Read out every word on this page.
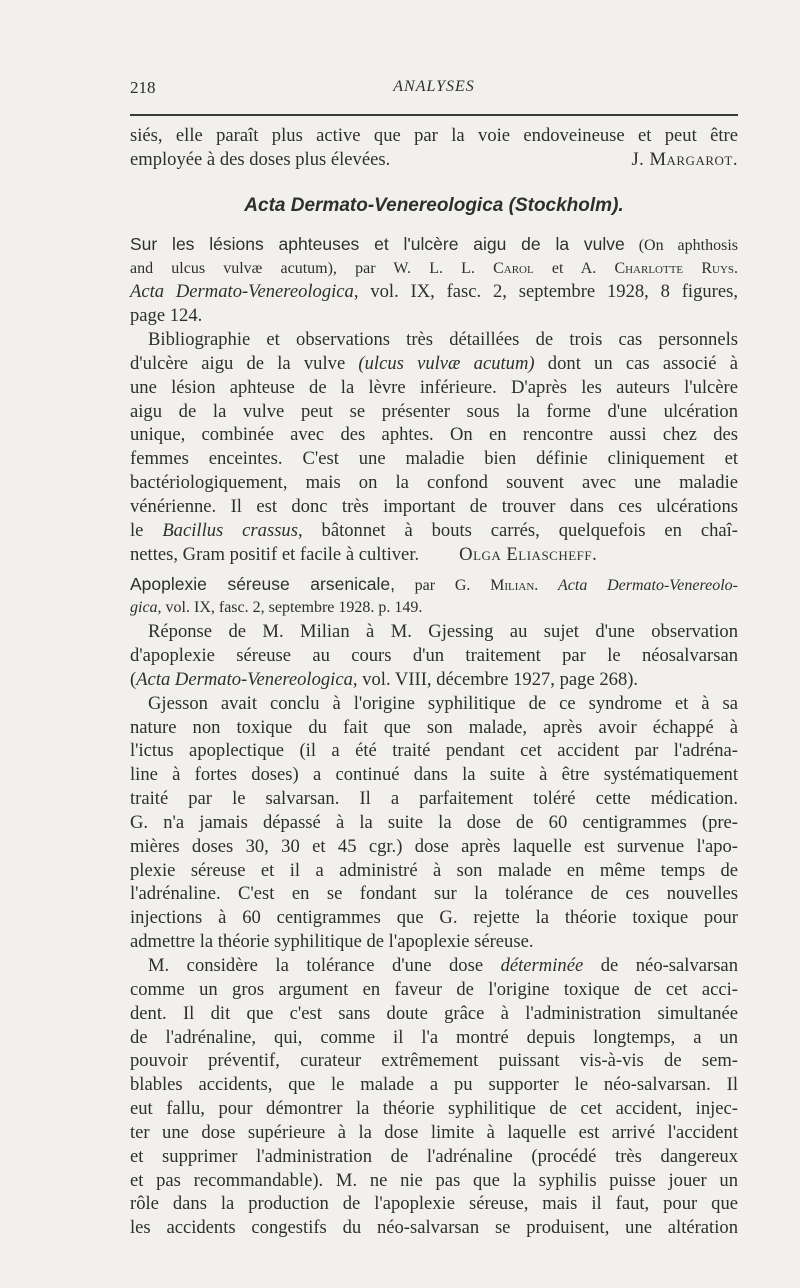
218	ANALYSES
siés, elle paraît plus active que par la voie endoveineuse et peut être
employée à des doses plus élevées.	J. Margarot.
Acta Dermato-Venereologica (Stockholm).
Sur les lésions aphteuses et l'ulcère aigu de la vulve (On aphthosis
and ulcus vulvæ acutum), par W. L. L. Carol et A. Charlotte Ruys.
Acta Dermato-Venereologica, vol. IX, fasc. 2, septembre 1928, 8 figures,
page 124.
Bibliographie et observations très détaillées de trois cas personnels
d'ulcère aigu de la vulve (ulcus vulvæ acutum) dont un cas associé à
une lésion aphteuse de la lèvre inférieure. D'après les auteurs l'ulcère
aigu de la vulve peut se présenter sous la forme d'une ulcération
unique, combinée avec des aphtes. On en rencontre aussi chez des
femmes enceintes. C'est une maladie bien définie cliniquement et
bactériologiquement, mais on la confond souvent avec une maladie
vénérienne. Il est donc très important de trouver dans ces ulcérations
le Bacillus crassus, bâtonnet à bouts carrés, quelquefois en chaî-
nettes, Gram positif et facile à cultiver. Olga Eliascheff.
Apoplexie séreuse arsenicale, par G. Milian. Acta Dermato-Venereolo-
gica, vol. IX, fasc. 2, septembre 1928. p. 149.
Réponse de M. Milian à M. Gjessing au sujet d'une observation
d'apoplexie séreuse au cours d'un traitement par le néosalvarsan
(Acta Dermato-Venereologica, vol. VIII, décembre 1927, page 268).
Gjesson avait conclu à l'origine syphilitique de ce syndrome et à sa
nature non toxique du fait que son malade, après avoir échappé à
l'ictus apoplectique (il a été traité pendant cet accident par l'adréna-
line à fortes doses) a continué dans la suite à être systématiquement
traité par le salvarsan. Il a parfaitement toléré cette médication.
G. n'a jamais dépassé à la suite la dose de 60 centigrammes (pre-
mières doses 30, 30 et 45 cgr.) dose après laquelle est survenue l'apo-
plexie séreuse et il a administré à son malade en même temps de
l'adrénaline. C'est en se fondant sur la tolérance de ces nouvelles
injections à 60 centigrammes que G. rejette la théorie toxique pour
admettre la théorie syphilitique de l'apoplexie séreuse.
M. considère la tolérance d'une dose déterminée de néo-salvarsan
comme un gros argument en faveur de l'origine toxique de cet acci-
dent. Il dit que c'est sans doute grâce à l'administration simultanée
de l'adrénaline, qui, comme il l'a montré depuis longtemps, a un
pouvoir préventif, curateur extrêmement puissant vis-à-vis de sem-
blables accidents, que le malade a pu supporter le néo-salvarsan. Il
eut fallu, pour démontrer la théorie syphilitique de cet accident, injec-
ter une dose supérieure à la dose limite à laquelle est arrivé l'accident
et supprimer l'administration de l'adrénaline (procédé très dangereux
et pas recommandable). M. ne nie pas que la syphilis puisse jouer un
rôle dans la production de l'apoplexie séreuse, mais il faut, pour que
les accidents congestifs du néo-salvarsan se produisent, une altération
